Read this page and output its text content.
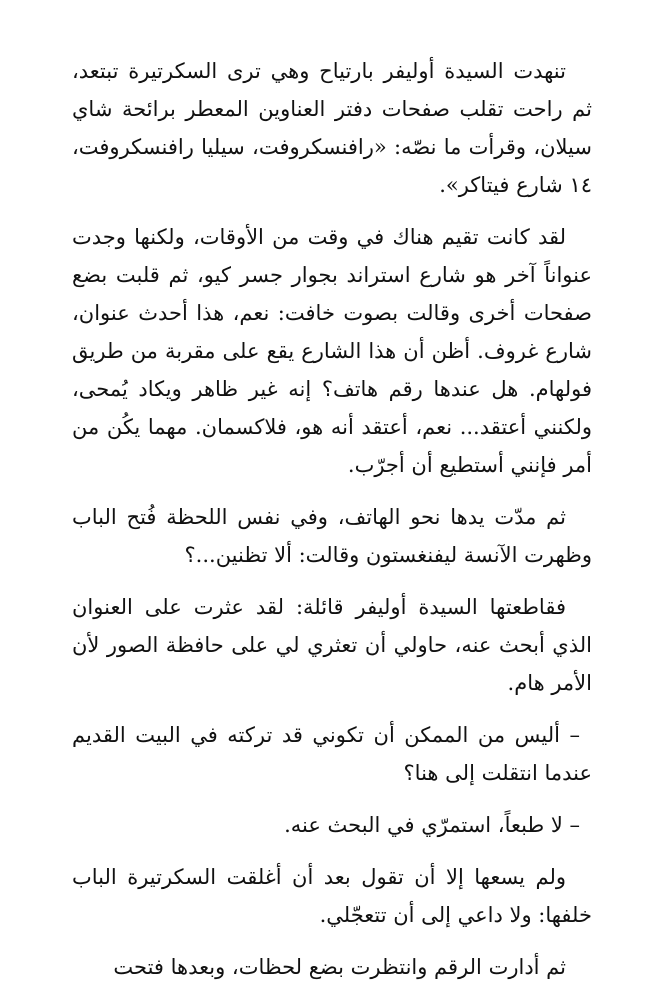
تنهدت السيدة أوليفر بارتياح وهي ترى السكرتيرة تبتعد، ثم راحت تقلب صفحات دفتر العناوين المعطر برائحة شاي سيلان، وقرأت ما نصّه: «رافنسكروفت، سيليا رافنسكروفت، ١٤ شارع فيتاكر».

لقد كانت تقيم هناك في وقت من الأوقات، ولكنها وجدت عنواناً آخر هو شارع استراند بجوار جسر كيو، ثم قلبت بضع صفحات أخرى وقالت بصوت خافت: نعم، هذا أحدث عنوان، شارع غروف. أظن أن هذا الشارع يقع على مقربة من طريق فولهام. هل عندها رقم هاتف؟ إنه غير ظاهر ويكاد يُمحى، ولكنني أعتقد... نعم، أعتقد أنه هو، فلاكسمان. مهما يكُن من أمر فإنني أستطيع أن أجرّب.

ثم مدّت يدها نحو الهاتف، وفي نفس اللحظة فُتح الباب وظهرت الآنسة ليفنغستون وقالت: ألا تظنين...؟

فقاطعتها السيدة أوليفر قائلة: لقد عثرت على العنوان الذي أبحث عنه، حاولي أن تعثري لي على حافظة الصور لأن الأمر هام.

– أليس من الممكن أن تكوني قد تركته في البيت القديم عندما انتقلت إلى هنا؟

– لا طبعاً، استمرّي في البحث عنه.

ولم يسعها إلا أن تقول بعد أن أغلقت السكرتيرة الباب خلفها: ولا داعي إلى أن تتعجّلي.

ثم أدارت الرقم وانتظرت بضع لحظات، وبعدها فتحت
